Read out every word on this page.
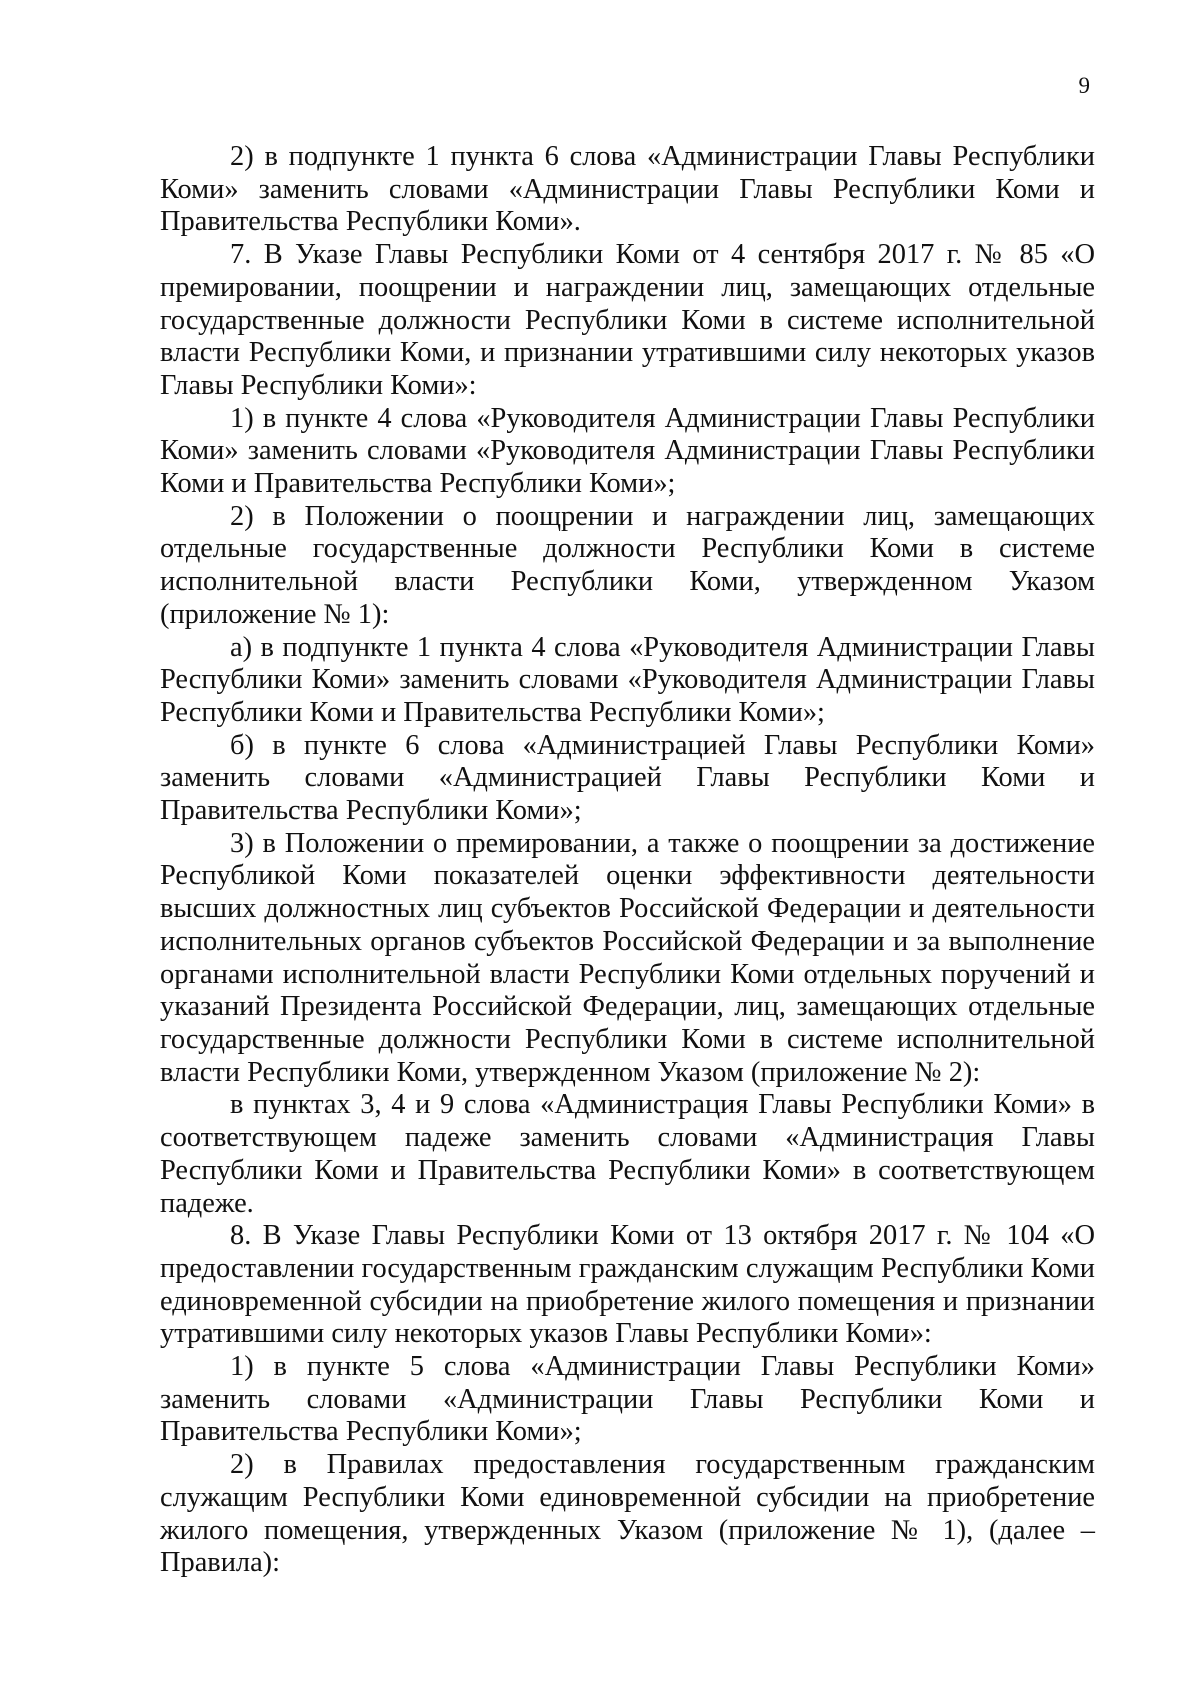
9

2) в подпункте 1 пункта 6 слова «Администрации Главы Республики Коми» заменить словами «Администрации Главы Республики Коми и Правительства Республики Коми».

7. В Указе Главы Республики Коми от 4 сентября 2017 г. № 85 «О премировании, поощрении и награждении лиц, замещающих отдельные государственные должности Республики Коми в системе исполнительной власти Республики Коми, и признании утратившими силу некоторых указов Главы Республики Коми»:

1) в пункте 4 слова «Руководителя Администрации Главы Республики Коми» заменить словами «Руководителя Администрации Главы Республики Коми и Правительства Республики Коми»;

2) в Положении о поощрении и награждении лиц, замещающих отдельные государственные должности Республики Коми в системе исполнительной власти Республики Коми, утвержденном Указом (приложение № 1):

а) в подпункте 1 пункта 4 слова «Руководителя Администрации Главы Республики Коми» заменить словами «Руководителя Администрации Главы Республики Коми и Правительства Республики Коми»;

б) в пункте 6 слова «Администрацией Главы Республики Коми» заменить словами «Администрацией Главы Республики Коми и Правительства Республики Коми»;

3) в Положении о премировании, а также о поощрении за достижение Республикой Коми показателей оценки эффективности деятельности высших должностных лиц субъектов Российской Федерации и деятельности исполнительных органов субъектов Российской Федерации и за выполнение органами исполнительной власти Республики Коми отдельных поручений и указаний Президента Российской Федерации, лиц, замещающих отдельные государственные должности Республики Коми в системе исполнительной власти Республики Коми, утвержденном Указом (приложение № 2):

в пунктах 3, 4 и 9 слова «Администрация Главы Республики Коми» в соответствующем падеже заменить словами «Администрация Главы Республики Коми и Правительства Республики Коми» в соответствующем падеже.

8. В Указе Главы Республики Коми от 13 октября 2017 г. № 104 «О предоставлении государственным гражданским служащим Республики Коми единовременной субсидии на приобретение жилого помещения и признании утратившими силу некоторых указов Главы Республики Коми»:

1) в пункте 5 слова «Администрации Главы Республики Коми» заменить словами «Администрации Главы Республики Коми и Правительства Республики Коми»;

2) в Правилах предоставления государственным гражданским служащим Республики Коми единовременной субсидии на приобретение жилого помещения, утвержденных Указом (приложение № 1), (далее – Правила):
